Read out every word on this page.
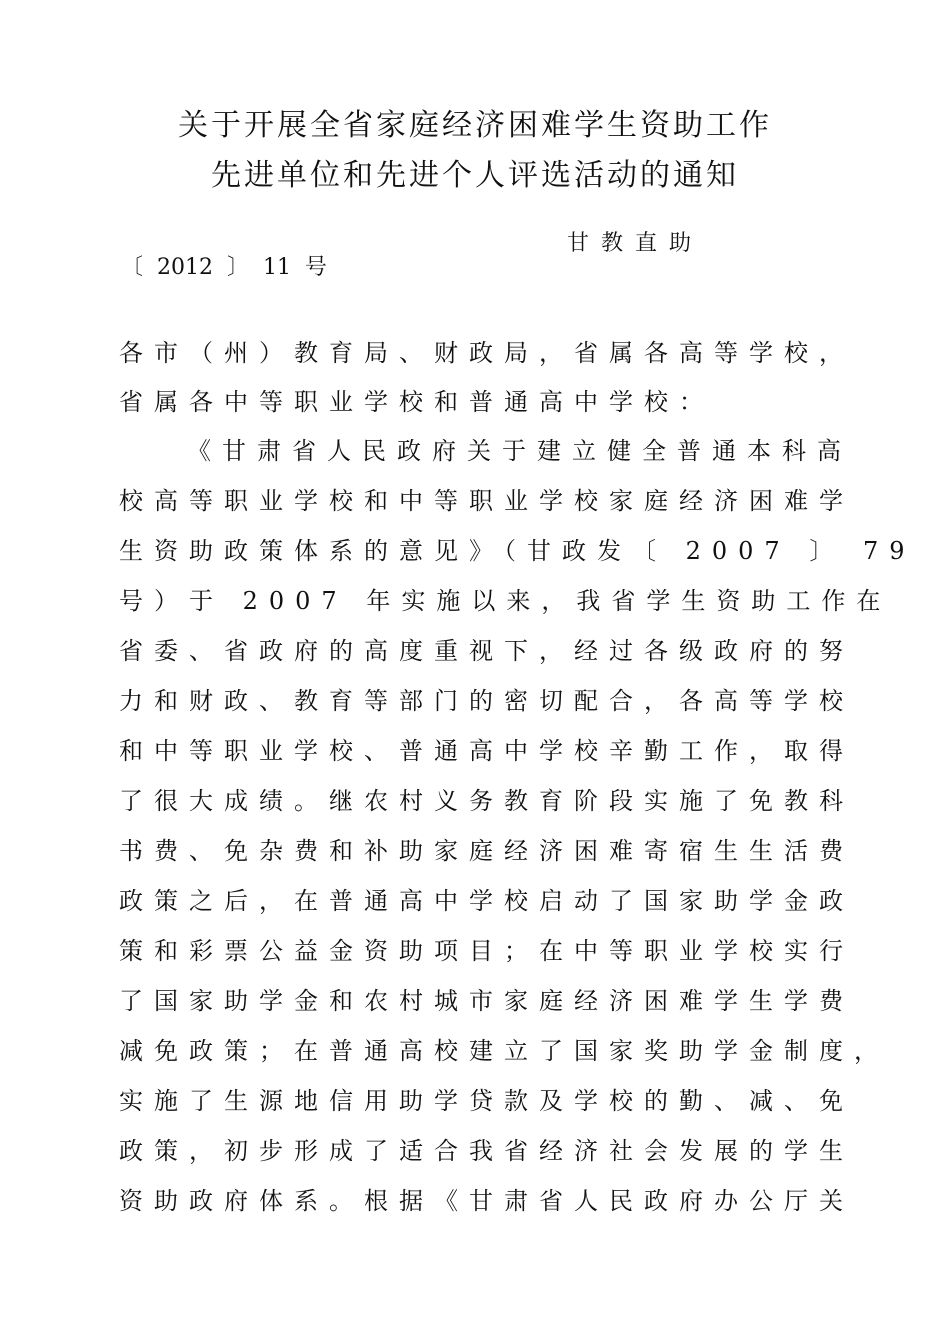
关于开展全省家庭经济困难学生资助工作
先进单位和先进个人评选活动的通知
甘教直助
〔  2012  〕  11  号
各市（州）教育局、财政局，省属各高等学校，
省属各中等职业学校和普通高中学校：
《甘肃省人民政府关于建立健全普通本科高
校高等职业学校和中等职业学校家庭经济困难学
生资助政策体系的意见》（甘政发〔 2007 〕 79
号）于 2007 年实施以来，我省学生资助工作在
省委、省政府的高度重视下，经过各级政府的努
力和财政、教育等部门的密切配合，各高等学校
和中等职业学校、普通高中学校辛勤工作，取得
了很大成绩。继农村义务教育阶段实施了免教科
书费、免杂费和补助家庭经济困难寄宿生生活费
政策之后，在普通高中学校启动了国家助学金政
策和彩票公益金资助项目；在中等职业学校实行
了国家助学金和农村城市家庭经济困难学生学费
减免政策；在普通高校建立了国家奖助学金制度，
实施了生源地信用助学贷款及学校的勤、减、免
政策，初步形成了适合我省经济社会发展的学生
资助政府体系。根据《甘肃省人民政府办公厅关
